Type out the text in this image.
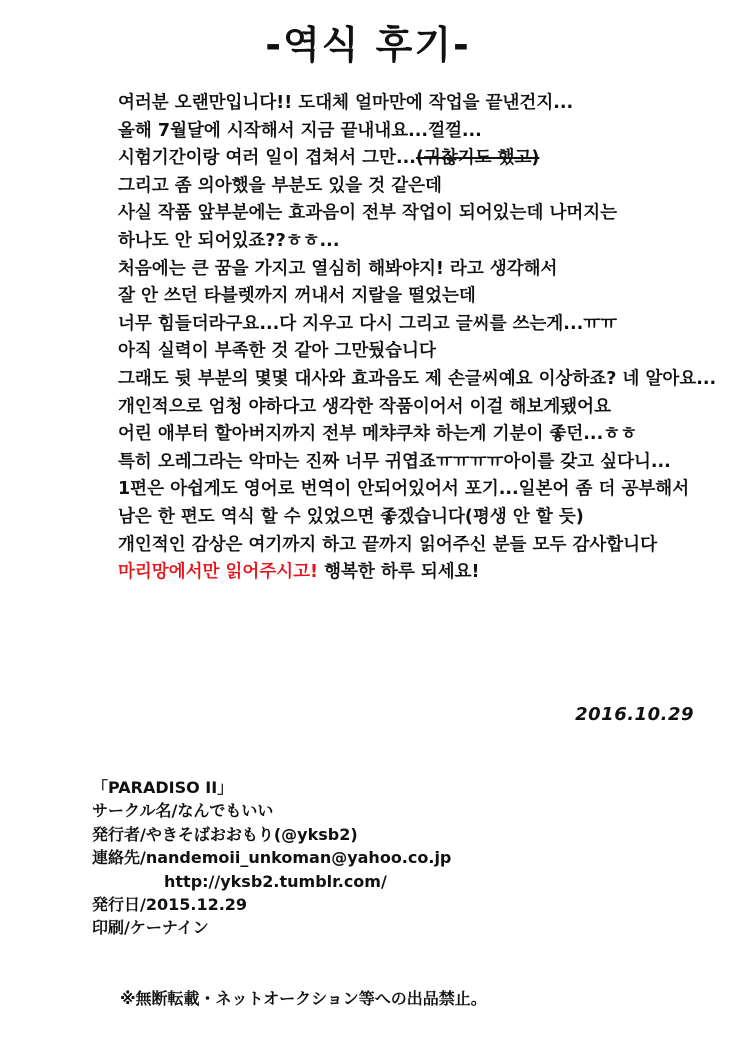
-역식 후기-
여러분 오랜만입니다!! 도대체 얼마만에 작업을 끝낸건지...
올해 7월달에 시작해서 지금 끝내내요...껄껄...
시험기간이랑 여러 일이 겹쳐서 그만...(귀찮기도 했고)
그리고 좀 의아했을 부분도 있을 것 같은데
사실 작품 앞부분에는 효과음이 전부 작업이 되어있는데 나머지는
하나도 안 되어있죠??ㅎㅎ...
처음에는 큰 꿈을 가지고 열심히 해봐야지! 라고 생각해서
잘 안 쓰던 타블렛까지 꺼내서 지랄을 떨었는데
너무 힘들더라구요...다 지우고 다시 그리고 글씨를 쓰는게...ㅠㅠ
아직 실력이 부족한 것 같아 그만뒀습니다
그래도 뒷 부분의 몇몇 대사와 효과음도 제 손글씨예요 이상하죠? 네 알아요...
개인적으로 엄청 야하다고 생각한 작품이어서 이걸 해보게됐어요
어린 애부터 할아버지까지 전부 메챠쿠챠 하는게 기분이 좋던...ㅎㅎ
특히 오레그라는 악마는 진짜 너무 귀엽죠ㅠㅠㅠㅠ아이를 갖고 싶다니...
1편은 아쉽게도 영어로 번역이 안되어있어서 포기...일본어 좀 더 공부해서
남은 한 편도 역식 할 수 있었으면 좋겠습니다(평생 안 할 듯)
개인적인 감상은 여기까지 하고 끝까지 읽어주신 분들 모두 감사합니다
마리망에서만 읽어주시고! 행복한 하루 되세요!
2016.10.29
「PARADISO II」
サークル名/なんでもいい
発行者/やきそばおおもり(@yksb2)
連絡先/nandemoii_unkoman@yahoo.co.jp
http://yksb2.tumblr.com/
発行日/2015.12.29
印刷/ケーナイン
※無断転載・ネットオークション等への出品禁止。
